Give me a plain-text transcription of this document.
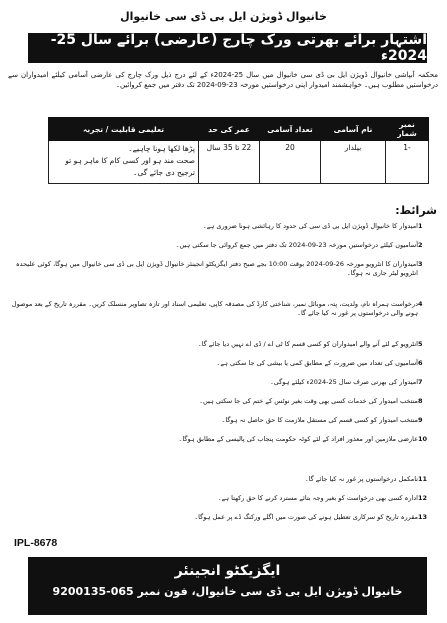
خانیوال ڈویژن ایل بی ڈی سی خانیوال
اشتہار برائے بھرتی ورک چارج (عارضی) برائے سال 25-2024ء
محکمہ آبپاشی خانیوال ڈویژن ایل بی ڈی سی خانیوال میں سال 25-2024ء کے لئے درج ذیل ورک چارج کی عارضی آسامی کیلئے امیدواران سے درخواستیں مطلوب ہیں۔ خواہشمند امیدوار اپنی درخواستیں مورخہ 23-09-2024 تک دفتر میں جمع کروائیں۔
نمبر شمار	نام آسامی	تعداد آسامی	عمر کی حد	تعلیمی قابلیت / تجربہ
-1	بیلدار	20	22 تا 35 سال	پڑھا لکھا ہونا چاہیے۔
صحت مند ہو اور کسی کام کا ماہر ہو تو ترجیح دی جائے گی۔
شرائط:
1
امیدوار کا خانیوال ڈویژن ایل بی ڈی سی کی حدود کا رہائشی ہونا ضروری ہے۔
2
آسامیوں کیلئے درخواستیں مورخہ 23-09-2024 تک دفتر میں جمع کروائی جا سکتی ہیں۔
3
امیدواران کا انٹرویو مورخہ 26-09-2024 بوقت 10:00 بجے صبح دفتر ایگزیکٹو انجینئر خانیوال ڈویژن ایل بی ڈی سی خانیوال میں ہوگا، کوئی علیحدہ انٹرویو لیٹر جاری نہ ہوگا۔
4
درخواست ہمراہ نام، ولدیت، پتہ، موبائل نمبر، شناختی کارڈ کی مصدقہ کاپی، تعلیمی اسناد اور تازہ تصاویر منسلک کریں۔ مقررہ تاریخ کے بعد موصول ہونے والی درخواستوں پر غور نہ کیا جائے گا۔
5
انٹرویو کے لئے آنے والے امیدواران کو کسی قسم کا ٹی اے / ڈی اے نہیں دیا جائے گا۔
6
آسامیوں کی تعداد میں ضرورت کے مطابق کمی یا بیشی کی جا سکتی ہے۔
7
امیدوار کی بھرتی صرف سال 25-2024ء کیلئے ہوگی۔
8
منتخب امیدوار کی خدمات کسی بھی وقت بغیر نوٹس کے ختم کی جا سکتی ہیں۔
9
منتخب امیدوار کو کسی قسم کی مستقل ملازمت کا حق حاصل نہ ہوگا۔
10
عارضی ملازمین اور معذور افراد کے لئے کوٹہ حکومت پنجاب کی پالیسی کے مطابق ہوگا۔
11
نامکمل درخواستوں پر غور نہ کیا جائے گا۔
12
ادارہ کسی بھی درخواست کو بغیر وجہ بتائے مسترد کرنے کا حق رکھتا ہے۔
13
مقررہ تاریخ کو سرکاری تعطیل ہونے کی صورت میں اگلے ورکنگ ڈے پر عمل ہوگا۔
IPL-8678
ایگزیکٹو انجینئر
خانیوال ڈویژن ایل بی ڈی سی خانیوال، فون نمبر 065-9200135
